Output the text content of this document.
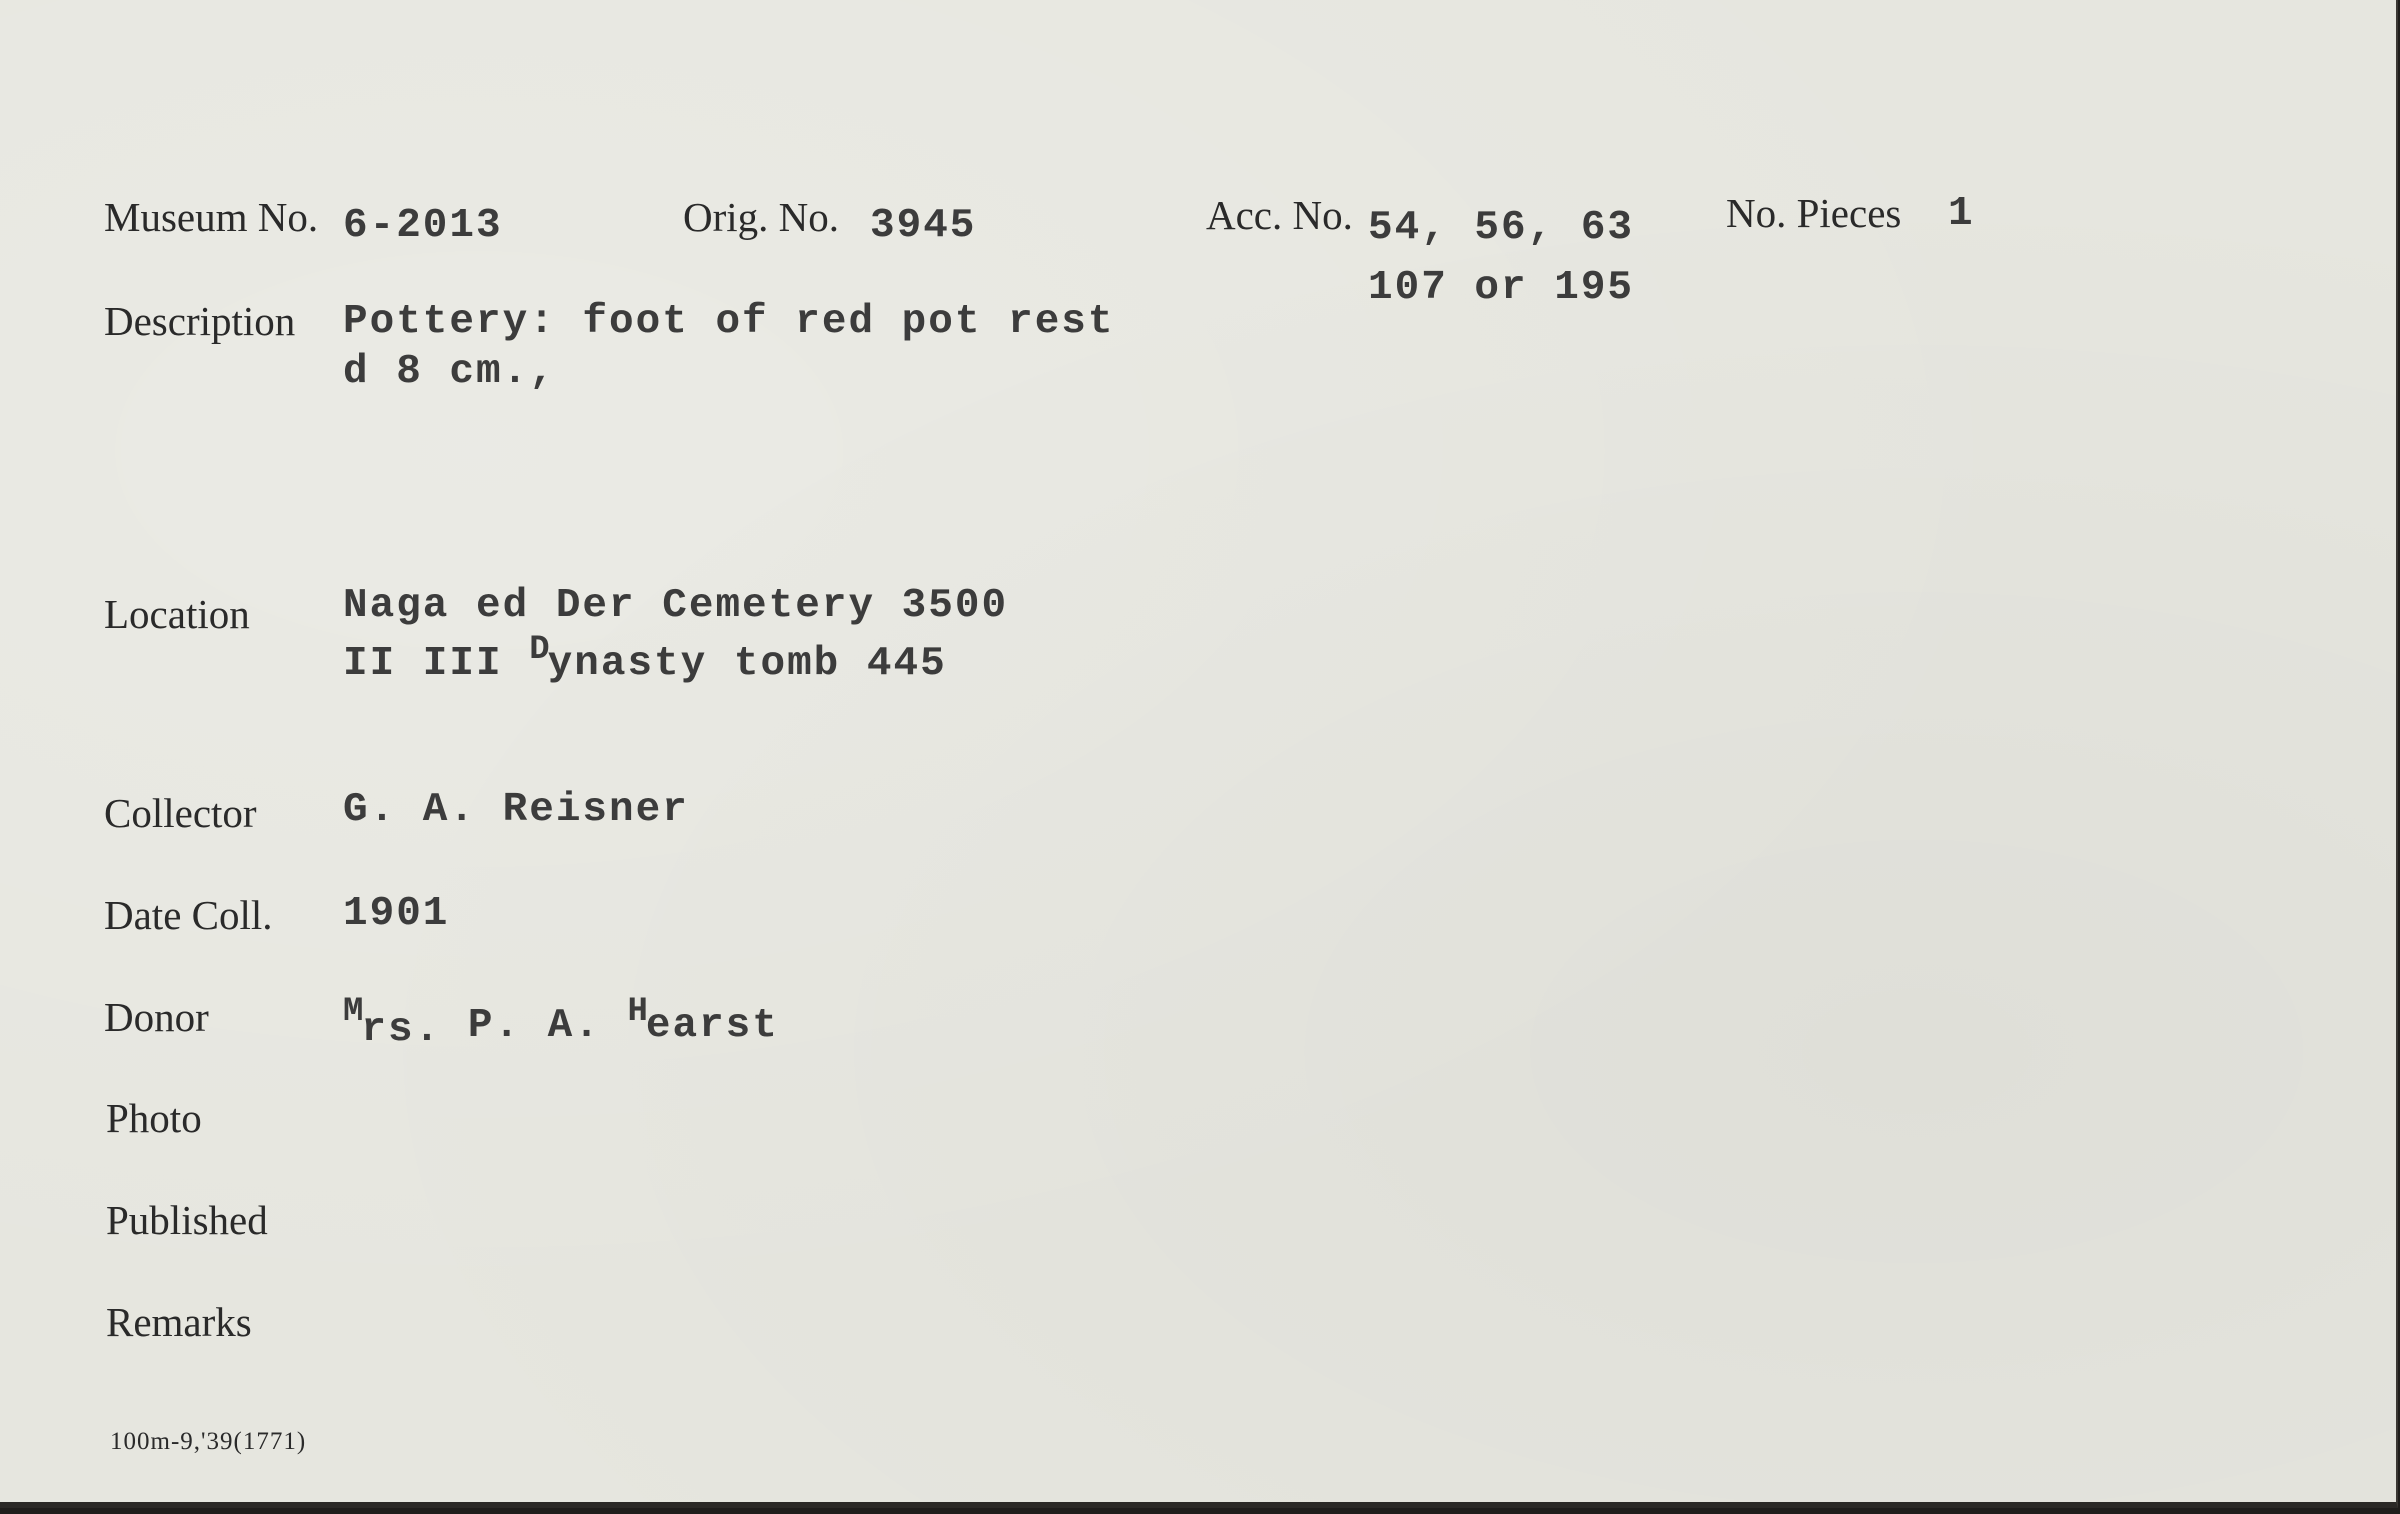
Museum No. 6-2013	Orig. No. 3945	Acc. No. 54, 56, 63
107 or 195
No. Pieces 1
Description Pottery: foot of red pot rest
d 8 cm.,
Location Naga ed Der Cemetery 3500
II III $^D$ynasty tomb 445
Collector G. A. Reisner
Date Coll. 1901
Donor	$^M$rs. P. A. $^H$earst
Photo
Published
Remarks
100m-9,'39(1771)
